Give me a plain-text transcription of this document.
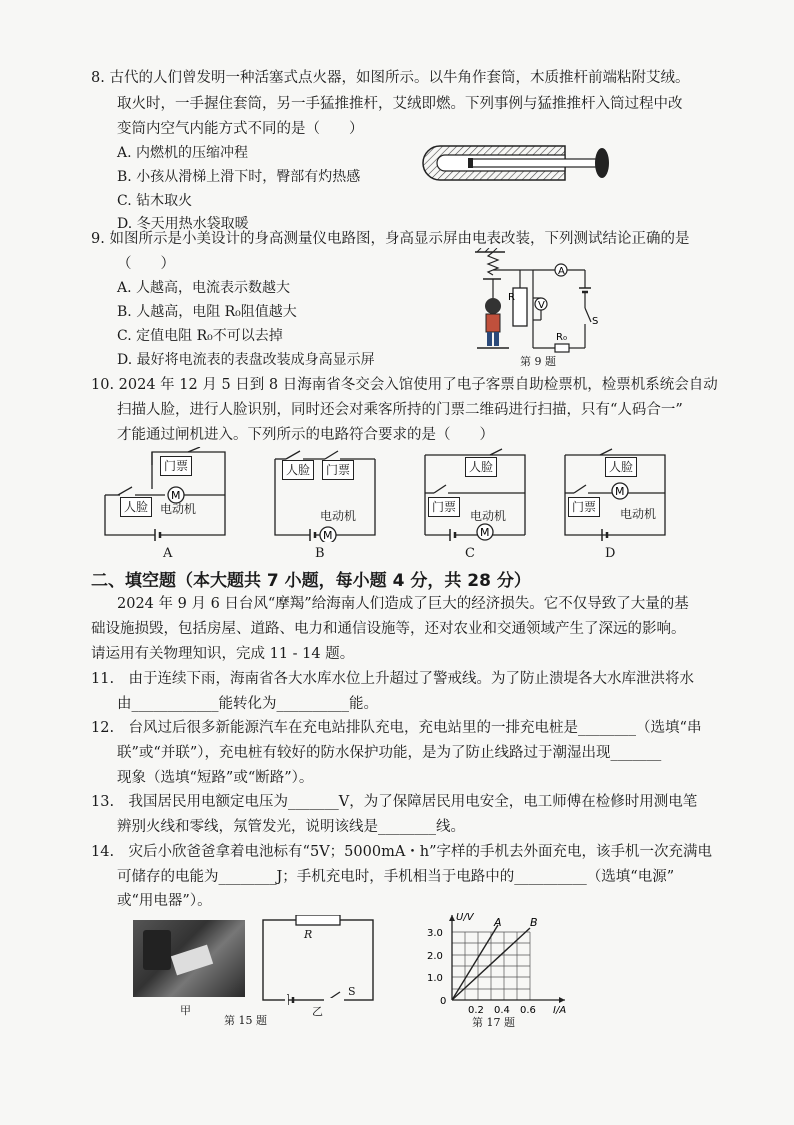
8. 古代的人们曾发明一种活塞式点火器，如图所示。以牛角作套筒，木质推杆前端粘附艾绒。
取火时，一手握住套筒，另一手猛推推杆，艾绒即燃。下列事例与猛推推杆入筒过程中改
变筒内空气内能方式不同的是（　　）
A. 内燃机的压缩冲程
B. 小孩从滑梯上滑下时，臀部有灼热感
C. 钻木取火
D. 冬天用热水袋取暖
9. 如图所示是小美设计的身高测量仪电路图，身高显示屏由电表改装，下列测试结论正确的是
（　　）
A. 人越高，电流表示数越大
B. 人越高，电阻 R₀阻值越大
C. 定值电阻 R₀不可以去掉
D. 最好将电流表的表盘改装成身高显示屏
R
A
S
V
R₀
第 9 题
10. 2024 年 12 月 5 日到 8 日海南省冬交会入馆使用了电子客票自助检票机，检票机系统会自动
扫描人脸，进行人脸识别，同时还会对乘客所持的门票二维码进行扫描，只有“人码合一”
才能通过闸机进入。下列所示的电路符合要求的是（　　）
M
门票
人脸 电动机
A
M
人脸	门票
电动机
B
M
人脸
门票
电动机
C
M
人脸
门票	电动机
D
二、填空题（本大题共 7 小题，每小题 4 分，共 28 分）
2024 年 9 月 6 日台风“摩羯”给海南人们造成了巨大的经济损失。它不仅导致了大量的基
础设施损毁，包括房屋、道路、电力和通信设施等，还对农业和交通领域产生了深远的影响。
请运用有关物理知识，完成 11 - 14 题。
11.　由于连续下雨，海南省各大水库水位上升超过了警戒线。为了防止溃堤各大水库泄洪将水
由____________能转化为__________能。
12.　台风过后很多新能源汽车在充电站排队充电，充电站里的一排充电桩是________（选填“串
联”或“并联”），充电桩有较好的防水保护功能，是为了防止线路过于潮湿出现_______
现象（选填“短路”或“断路”）。
13.　我国居民用电额定电压为_______V，为了保障居民用电安全，电工师傅在检修时用测电笔
辨别火线和零线，氖管发光，说明该线是________线。
14.　灾后小欣爸爸拿着电池标有“5V；5000mA・h”字样的手机去外面充电，该手机一次充满电
可储存的电能为________J；手机充电时，手机相当于电路中的__________（选填“电源”
或“用电器”）。
甲
R
S
乙
第 15 题
A	B
U/V
I/A
3.0
2.0
1.0
0
0.2 0.4 0.6
第 17 题
